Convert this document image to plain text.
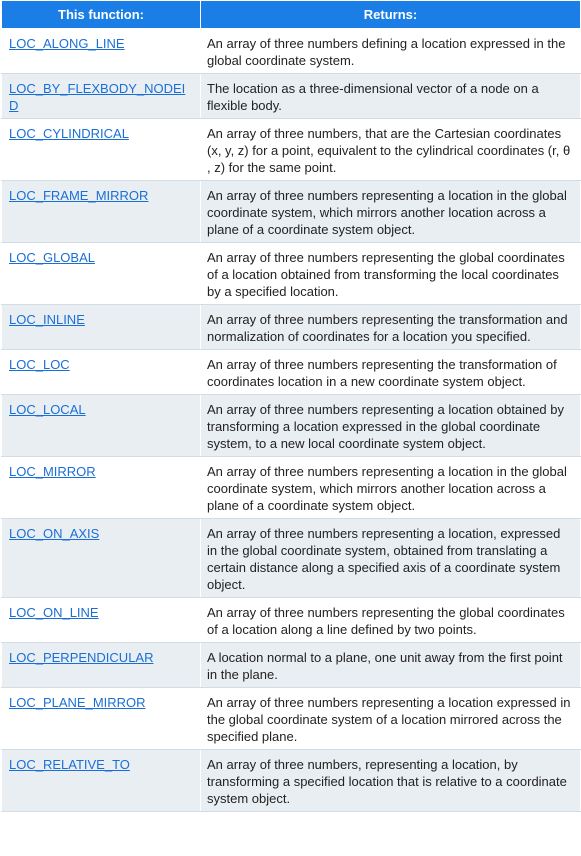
This function:	Returns:
LOC_ALONG_LINE	An array of three numbers defining a location expressed in the global coordinate system.
LOC_BY_FLEXBODY_NODEID	The location as a three-dimensional vector of a node on a flexible body.
LOC_CYLINDRICAL	An array of three numbers, that are the Cartesian coordinates (x, y, z) for a point, equivalent to the cylindrical coordinates (r, θ , z) for the same point.
LOC_FRAME_MIRROR	An array of three numbers representing a location in the global coordinate system, which mirrors another location across a plane of a coordinate system object.
LOC_GLOBAL	An array of three numbers representing the global coordinates of a location obtained from transforming the local coordinates by a specified location.
LOC_INLINE	An array of three numbers representing the transformation and normalization of coordinates for a location you specified.
LOC_LOC	An array of three numbers representing the transformation of coordinates location in a new coordinate system object.
LOC_LOCAL	An array of three numbers representing a location obtained by transforming a location expressed in the global coordinate system, to a new local coordinate system object.
LOC_MIRROR	An array of three numbers representing a location in the global coordinate system, which mirrors another location across a plane of a coordinate system object.
LOC_ON_AXIS	An array of three numbers representing a location, expressed in the global coordinate system, obtained from translating a certain distance along a specified axis of a coordinate system object.
LOC_ON_LINE	An array of three numbers representing the global coordinates of a location along a line defined by two points.
LOC_PERPENDICULAR	A location normal to a plane, one unit away from the first point in the plane.
LOC_PLANE_MIRROR	An array of three numbers representing a location expressed in the global coordinate system of a location mirrored across the specified plane.
LOC_RELATIVE_TO	An array of three numbers, representing a location, by transforming a specified location that is relative to a coordinate system object.
